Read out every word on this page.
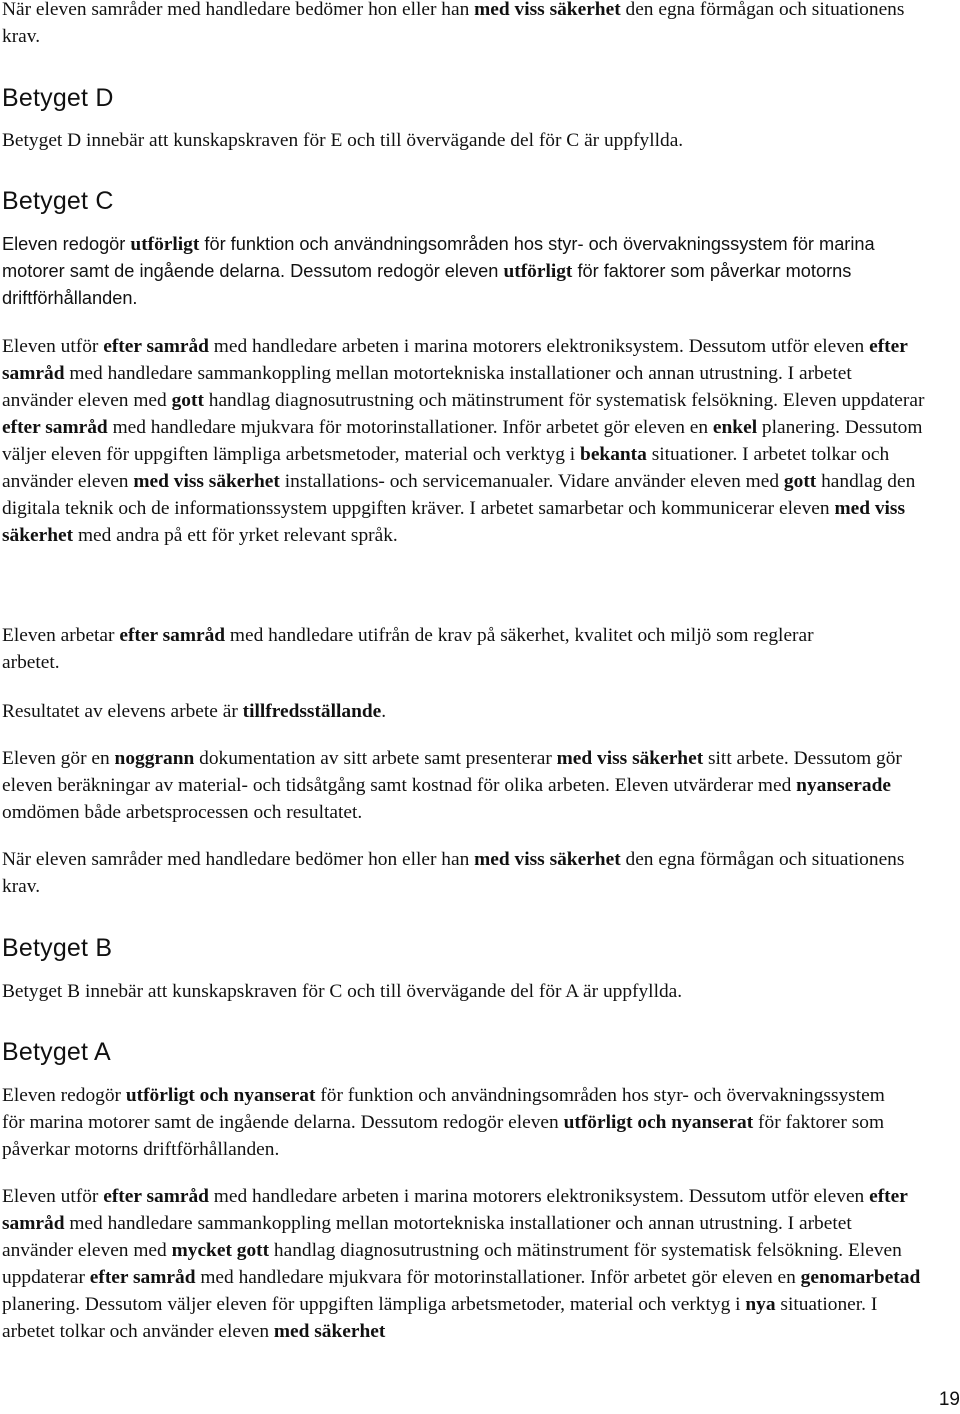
När eleven samråder med handledare bedömer hon eller han med viss säkerhet den egna förmågan och situationens krav.

Betyget D

Betyget D innebär att kunskapskraven för E och till övervägande del för C är uppfyllda.

Betyget C

Eleven redogör utförligt för funktion och användningsområden hos styr- och övervakningssystem för marina motorer samt de ingående delarna. Dessutom redogör eleven utförligt för faktorer som påverkar motorns driftförhållanden.

Eleven utför efter samråd med handledare arbeten i marina motorers elektroniksystem. Dessutom utför eleven efter samråd med handledare sammankoppling mellan motortekniska installationer och annan utrustning. I arbetet använder eleven med gott handlag diagnosutrustning och mätinstrument för systematisk felsökning. Eleven uppdaterar efter samråd med handledare mjukvara för motorinstallationer. Inför arbetet gör eleven en enkel planering. Dessutom väljer eleven för uppgiften lämpliga arbetsmetoder, material och verktyg i bekanta situationer. I arbetet tolkar och använder eleven med viss säkerhet installations- och servicemanualer. Vidare använder eleven med gott handlag den digitala teknik och de informationssystem uppgiften kräver. I arbetet samarbetar och kommunicerar eleven med viss säkerhet med andra på ett för yrket relevant språk.

Eleven arbetar efter samråd med handledare utifrån de krav på säkerhet, kvalitet och miljö som reglerar arbetet.

Resultatet av elevens arbete är tillfredsställande.

Eleven gör en noggrann dokumentation av sitt arbete samt presenterar med viss säkerhet sitt arbete. Dessutom gör eleven beräkningar av material- och tidsåtgång samt kostnad för olika arbeten. Eleven utvärderar med nyanserade omdömen både arbetsprocessen och resultatet.

När eleven samråder med handledare bedömer hon eller han med viss säkerhet den egna förmågan och situationens krav.

Betyget B

Betyget B innebär att kunskapskraven för C och till övervägande del för A är uppfyllda.

Betyget A

Eleven redogör utförligt och nyanserat för funktion och användningsområden hos styr- och övervakningssystem för marina motorer samt de ingående delarna. Dessutom redogör eleven utförligt och nyanserat för faktorer som påverkar motorns driftförhållanden.

Eleven utför efter samråd med handledare arbeten i marina motorers elektroniksystem. Dessutom utför eleven efter samråd med handledare sammankoppling mellan motortekniska installationer och annan utrustning. I arbetet använder eleven med mycket gott handlag diagnosutrustning och mätinstrument för systematisk felsökning. Eleven uppdaterar efter samråd med handledare mjukvara för motorinstallationer. Inför arbetet gör eleven en genomarbetad planering. Dessutom väljer eleven för uppgiften lämpliga arbetsmetoder, material och verktyg i nya situationer. I arbetet tolkar och använder eleven med säkerhet

19
